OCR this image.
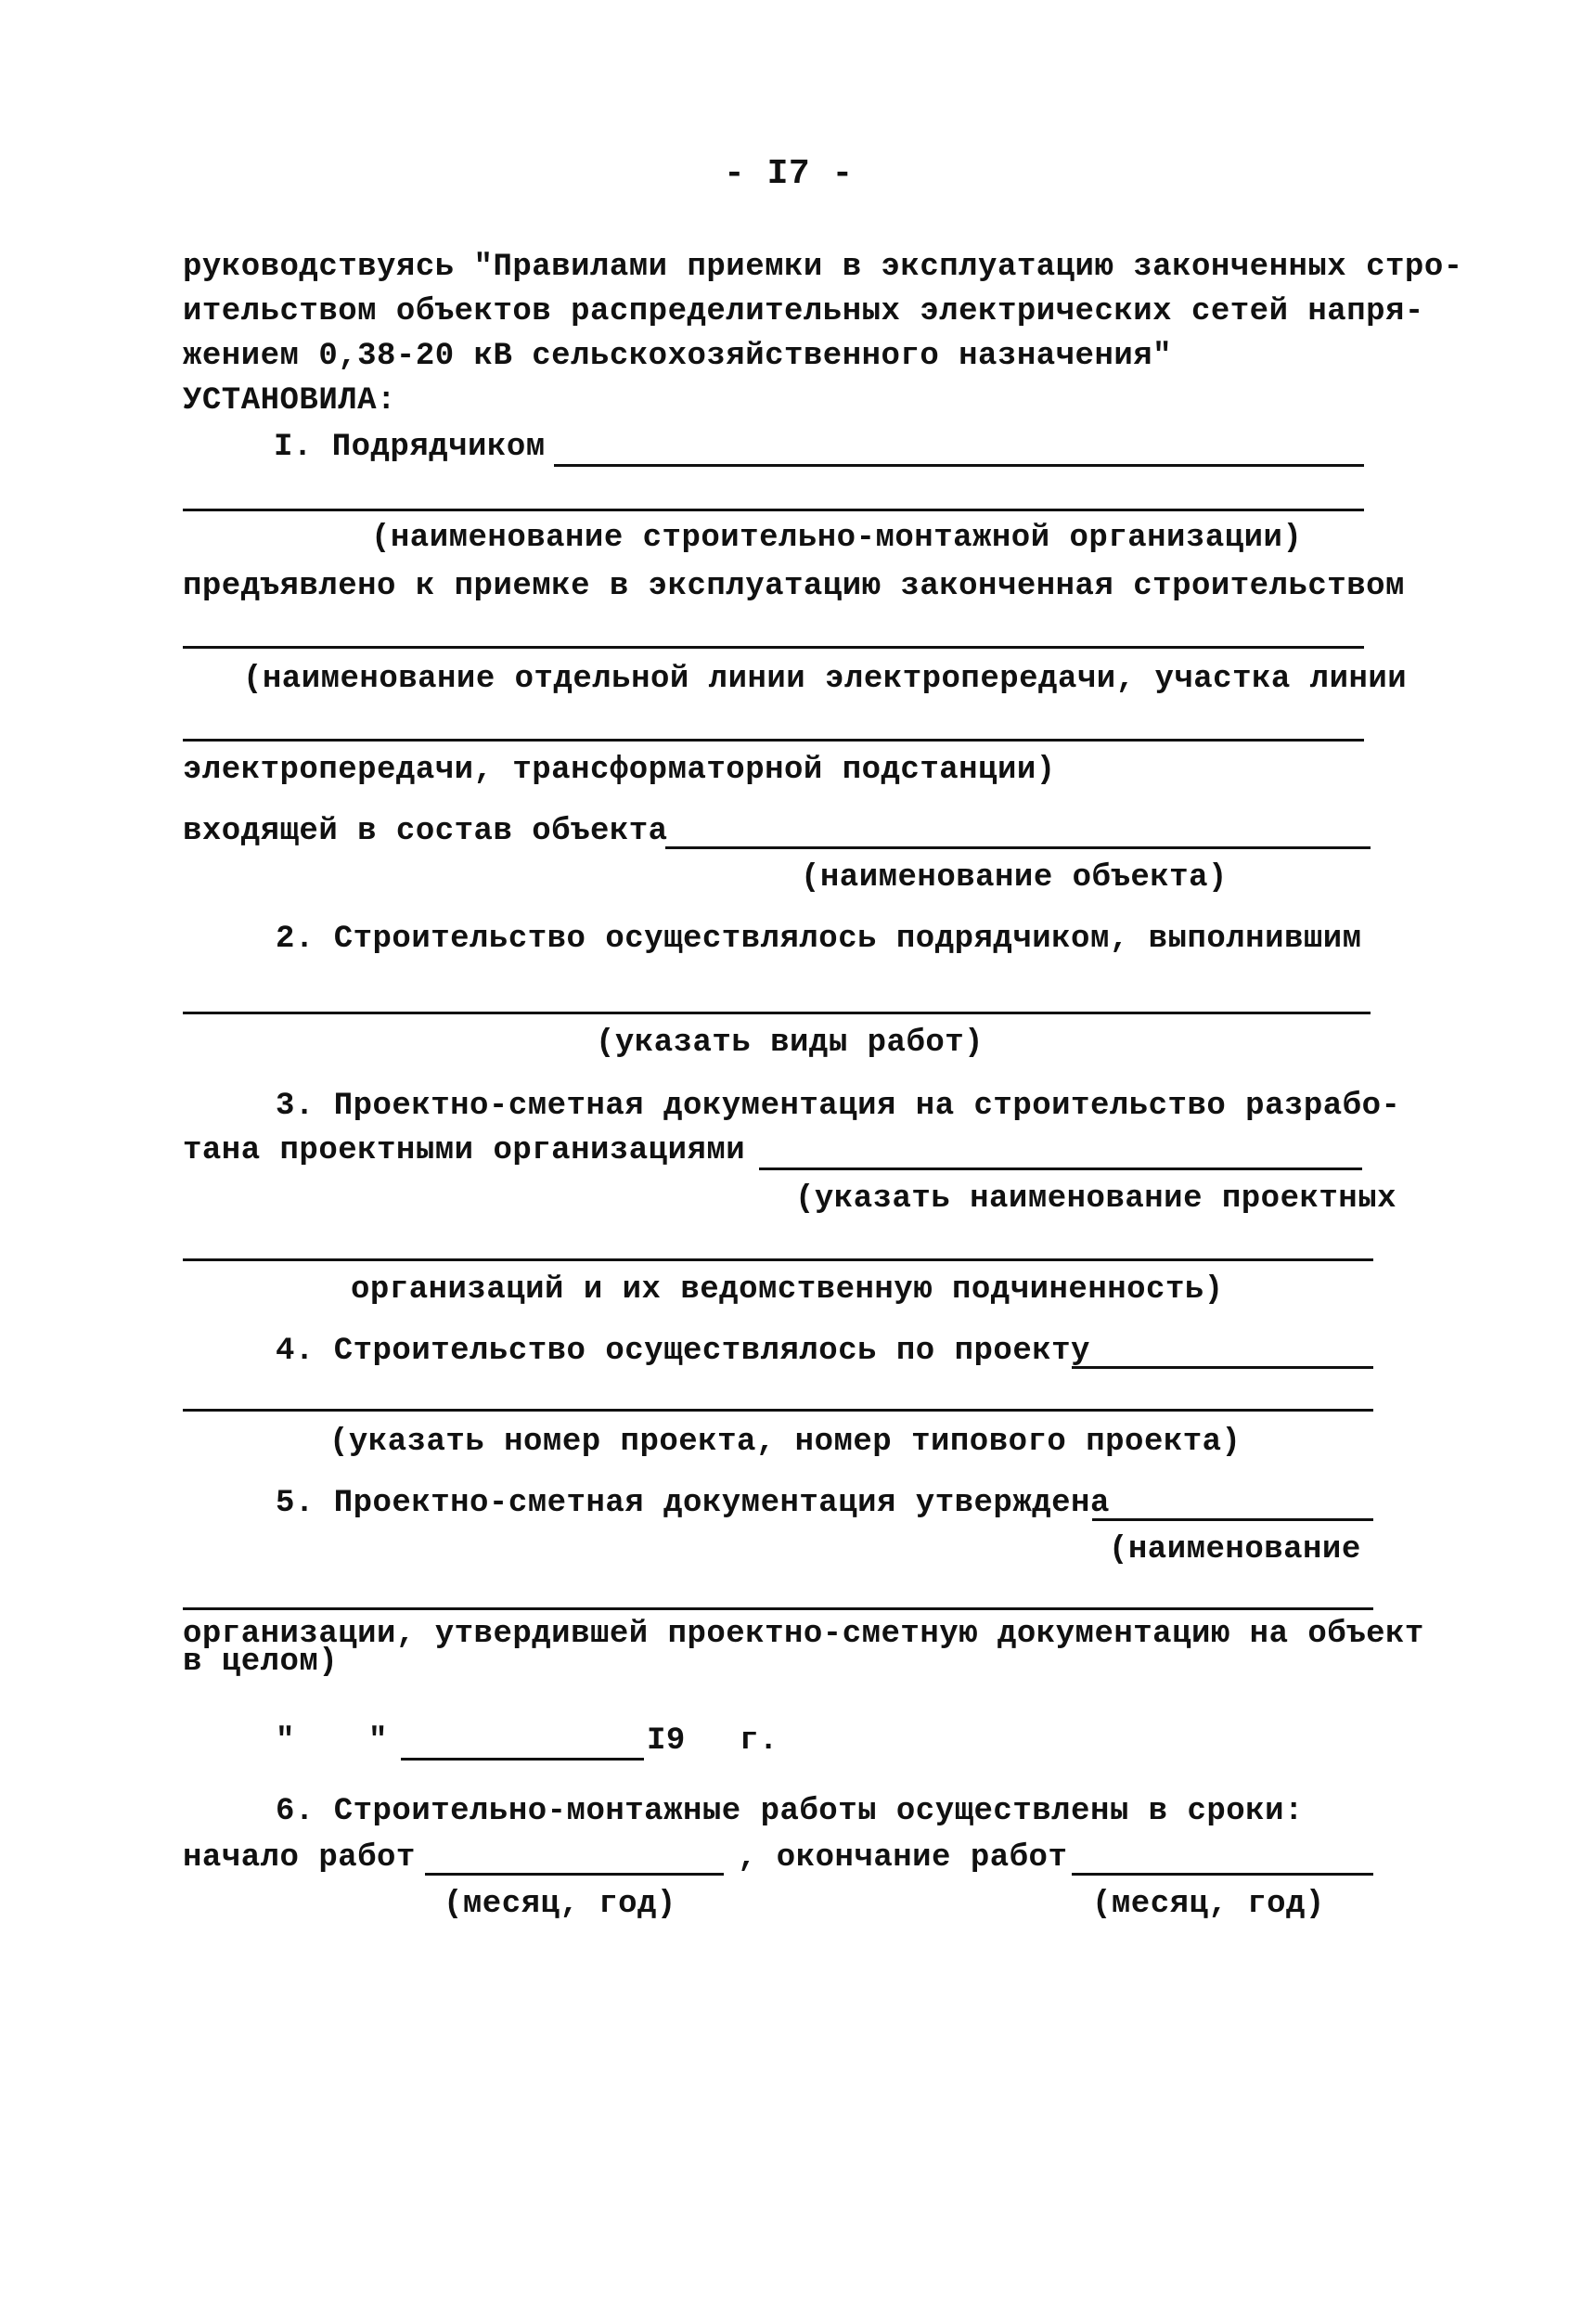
- I7 -
руководствуясь "Правилами приемки в эксплуатацию законченных стро-
ительством объектов распределительных электрических сетей напря-
жением 0,38-20 кВ сельскохозяйственного назначения"
УСТАНОВИЛА:
I. Подрядчиком
(наименование строительно-монтажной организации)
предъявлено к приемке в эксплуатацию законченная строительством
(наименование отдельной линии электропередачи, участка линии
электропередачи, трансформаторной подстанции)
входящей в состав объекта
(наименование объекта)
2. Строительство осуществлялось подрядчиком, выполнившим
(указать виды работ)
3. Проектно-сметная документация на строительство разрабо-
тана проектными организациями
(указать наименование проектных
организаций и их ведомственную подчиненность)
4. Строительство осуществлялось по проекту
(указать номер проекта, номер типового проекта)
5. Проектно-сметная документация утверждена
(наименование
организации, утвердившей проектно-сметную документацию на объект
в целом)
" "	I9 г.
6. Строительно-монтажные работы осуществлены в сроки:
начало работ	, окончание работ
(месяц, год)	(месяц, год)
